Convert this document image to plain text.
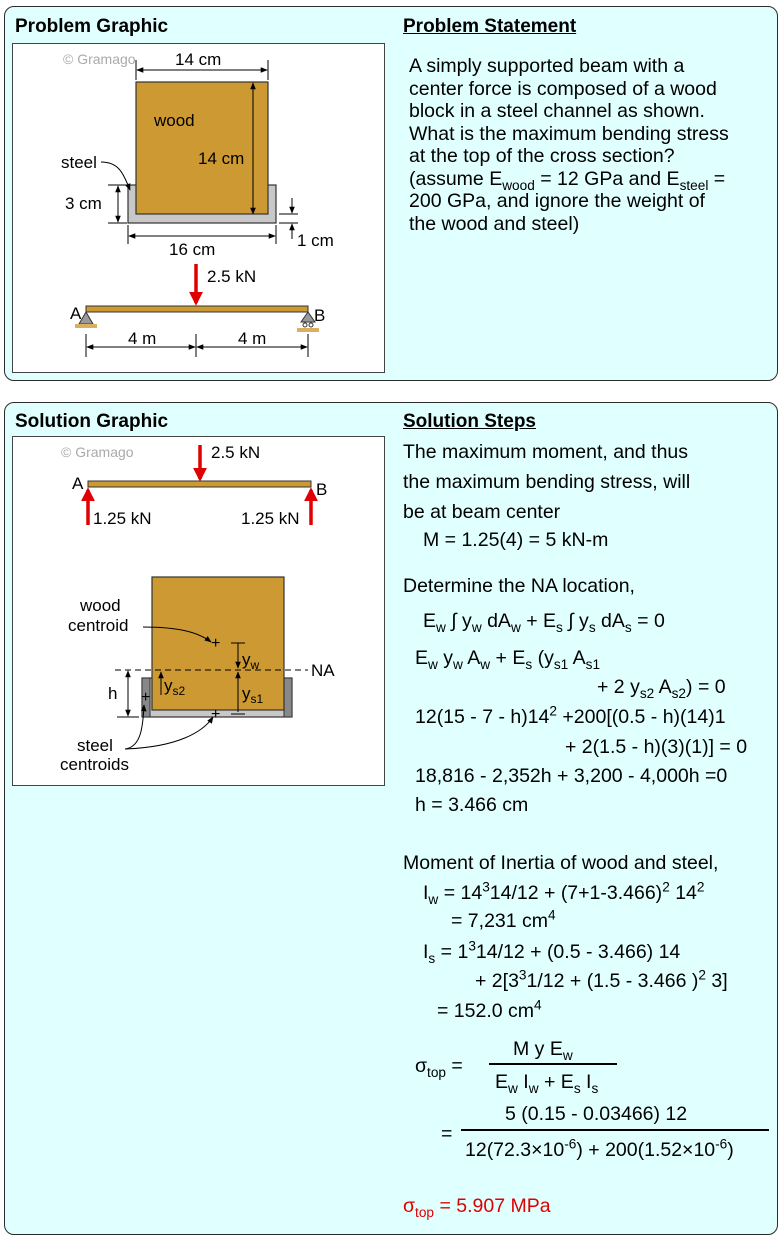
Problem Graphic	Problem Statement
© Gramago 14 cm
wood
14 cm
steel
3 cm
16 cm	1 cm
2.5 kN
A	B
4 m	4 m
A simply supported beam with a
center force is composed of a wood
block in a steel channel as shown.
What is the maximum bending stress
at the top of the cross section?
(assume $E_{wood} = 12$ GPa and $E_{steel}$ =
200 GPa, and ignore the weight of
the wood and steel)
Solution Graphic	Solution Steps
© Gramago	2.5 kN
A	B
1.25 kN	1.25 kN
NA
wood
centroid
+
$y_w$
$y_{s1}$
+
$y_{s2}$
+
h
steel
centroids
The maximum moment, and thus
the maximum bending stress, will
be at beam center
M = 1.25(4) = 5 kN-m
Determine the NA location,
$E_w$ ∫ $y_w$ $dA_w + E_s$ ∫ $y_s$ $dA_s = 0$
$E_w$ $y_w$ $A_w + E_s$ ($y_{s1}$ $A_{s1}$
+ 2 $y_{s2}$ $A_{s2}) = 0$
$12(15 - 7 - h)14^2 +200[(0.5 - h)(14)1$
+ 2(1.5 - h)(3)(1)] = 0
18,816 - 2,352h + 3,200 - 4,000h =0
h = 3.466 cm
Moment of Inertia of wood and steel,
$I_w = 14^314/12 + (7+1-3.466)^2$ $14^2$
= 7,231 $cm^4$
$I_s = 1^314/12 + (0.5 - 3.466)$ 14
+ $2[3^31/12 + (1.5 - 3.466$ )$^2$ 3]
= 152.0 $cm^4$
$\sigma_{top}$ =
M y $E_w$
$E_w$ $I_w + E_s$ $I_s$
=
5 (0.15 - 0.03466) 12
$12(72.3\times 10^{-6}) + 200(1.52\times 10^{-6})$
$\sigma_{top} = 5.907$ MPa
